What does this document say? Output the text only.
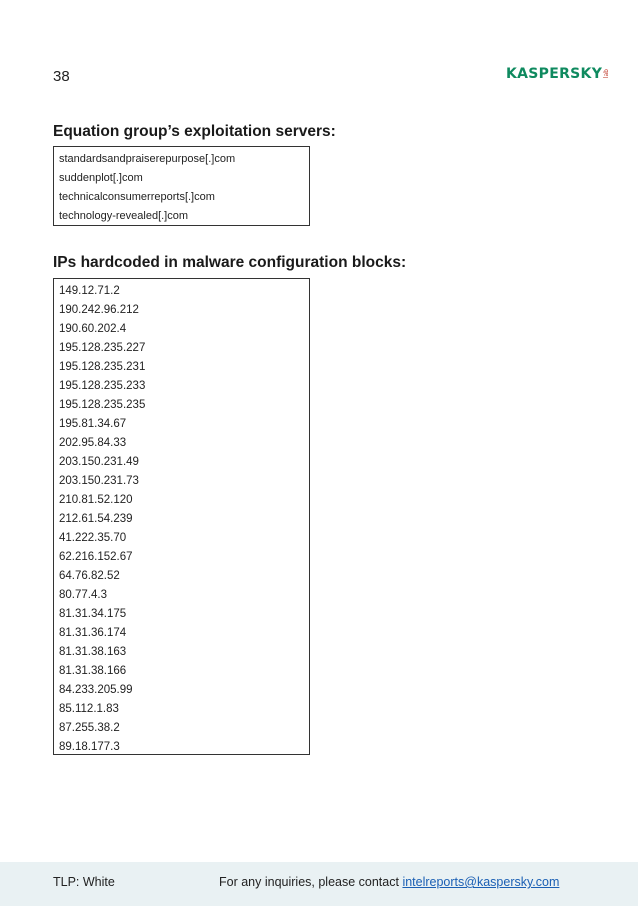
38	KASPERSKY lab
Equation group’s exploitation servers:
standardsandpraiserepurpose[.]com
suddenplot[.]com
technicalconsumerreports[.]com
technology-revealed[.]com
IPs hardcoded in malware configuration blocks:
149.12.71.2
190.242.96.212
190.60.202.4
195.128.235.227
195.128.235.231
195.128.235.233
195.128.235.235
195.81.34.67
202.95.84.33
203.150.231.49
203.150.231.73
210.81.52.120
212.61.54.239
41.222.35.70
62.216.152.67
64.76.82.52
80.77.4.3
81.31.34.175
81.31.36.174
81.31.38.163
81.31.38.166
84.233.205.99
85.112.1.83
87.255.38.2
89.18.177.3
TLP: White	For any inquiries, please contact intelreports@kaspersky.com
